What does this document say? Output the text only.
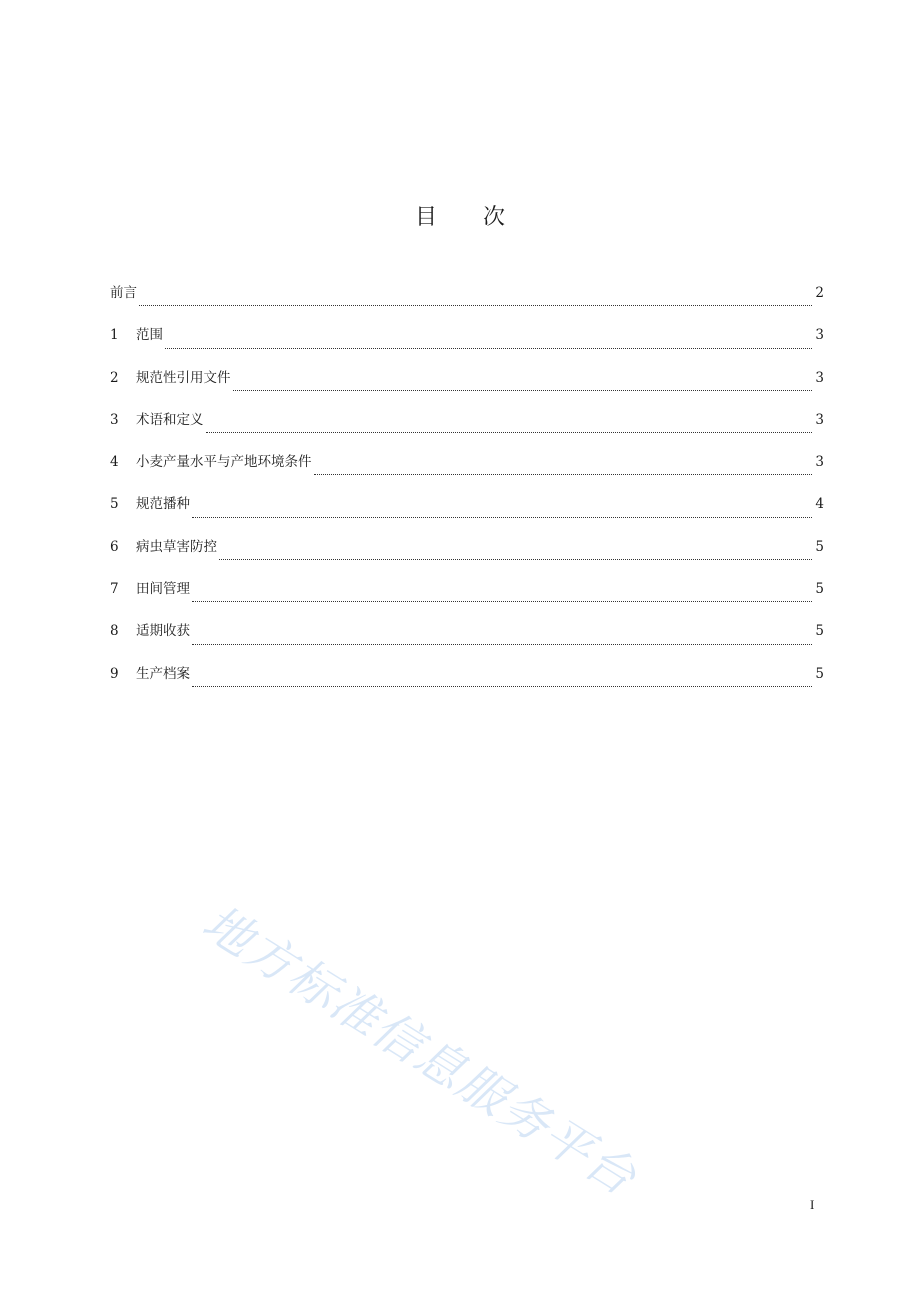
目次
前言	2
1	范围	3
2	规范性引用文件	3
3	术语和定义	3
4	小麦产量水平与产地环境条件	3
5	规范播种	4
6	病虫草害防控	5
7	田间管理	5
8	适期收获	5
9	生产档案	5
地方标准信息服务平台	I
